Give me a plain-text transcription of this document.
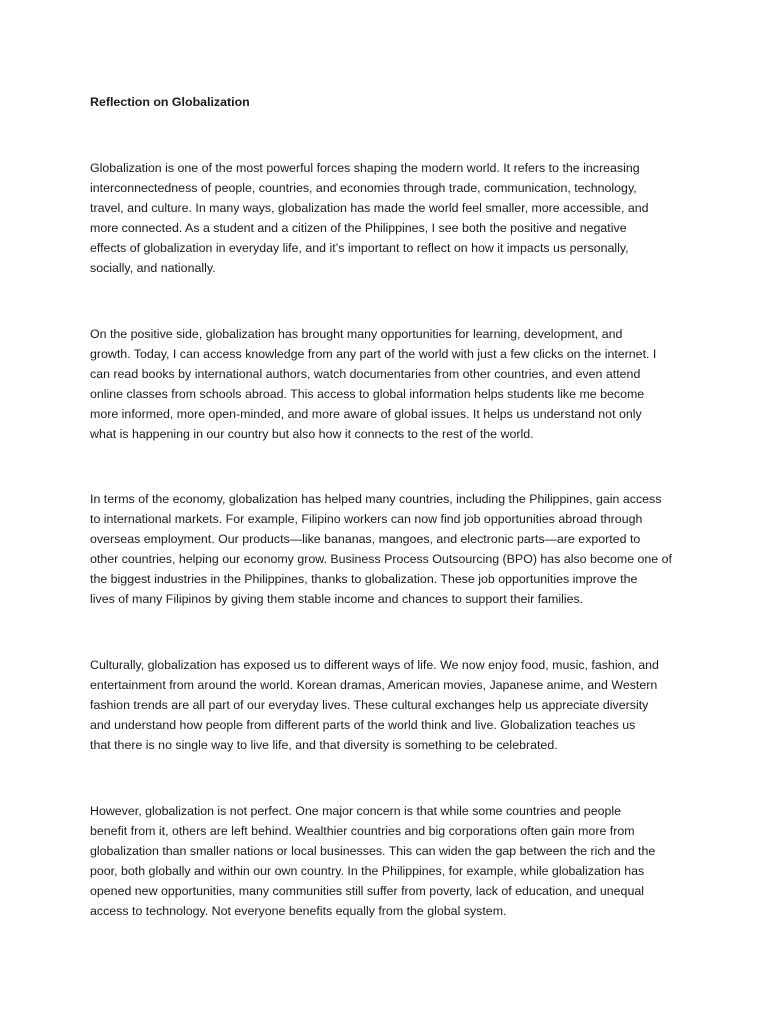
Reflection on Globalization

Globalization is one of the most powerful forces shaping the modern world. It refers to the increasing
interconnectedness of people, countries, and economies through trade, communication, technology,
travel, and culture. In many ways, globalization has made the world feel smaller, more accessible, and
more connected. As a student and a citizen of the Philippines, I see both the positive and negative
effects of globalization in everyday life, and it’s important to reflect on how it impacts us personally,
socially, and nationally.

On the positive side, globalization has brought many opportunities for learning, development, and
growth. Today, I can access knowledge from any part of the world with just a few clicks on the internet. I
can read books by international authors, watch documentaries from other countries, and even attend
online classes from schools abroad. This access to global information helps students like me become
more informed, more open-minded, and more aware of global issues. It helps us understand not only
what is happening in our country but also how it connects to the rest of the world.

In terms of the economy, globalization has helped many countries, including the Philippines, gain access
to international markets. For example, Filipino workers can now find job opportunities abroad through
overseas employment. Our products—like bananas, mangoes, and electronic parts—are exported to
other countries, helping our economy grow. Business Process Outsourcing (BPO) has also become one of
the biggest industries in the Philippines, thanks to globalization. These job opportunities improve the
lives of many Filipinos by giving them stable income and chances to support their families.

Culturally, globalization has exposed us to different ways of life. We now enjoy food, music, fashion, and
entertainment from around the world. Korean dramas, American movies, Japanese anime, and Western
fashion trends are all part of our everyday lives. These cultural exchanges help us appreciate diversity
and understand how people from different parts of the world think and live. Globalization teaches us
that there is no single way to live life, and that diversity is something to be celebrated.

However, globalization is not perfect. One major concern is that while some countries and people
benefit from it, others are left behind. Wealthier countries and big corporations often gain more from
globalization than smaller nations or local businesses. This can widen the gap between the rich and the
poor, both globally and within our own country. In the Philippines, for example, while globalization has
opened new opportunities, many communities still suffer from poverty, lack of education, and unequal
access to technology. Not everyone benefits equally from the global system.
